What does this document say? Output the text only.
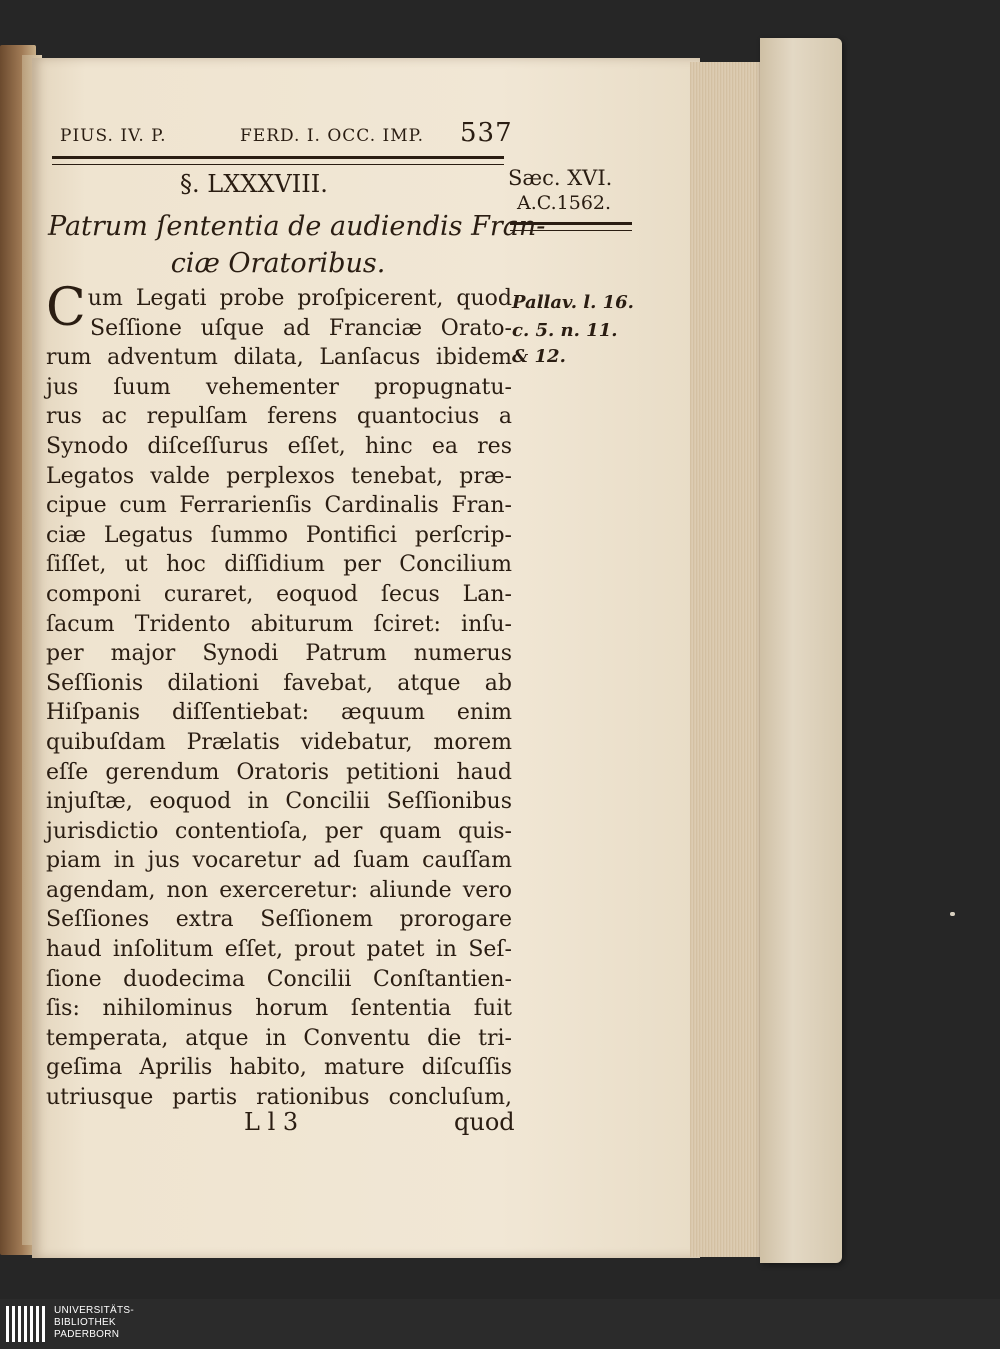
PIUS. IV. P.	FERD. I. OCC. IMP. 537
§. LXXXVIII.
Patrum ſententia de audiendis Fran-
ciæ Oratoribus.
Sæc. XVI.
A.C.1562.
Pallav. l. 16.
c. 5. n. 11.
& 12.
Cum Legati probe proſpicerent, quod
Seſſione uſque ad Franciæ Orato-
rum adventum dilata, Lanſacus ibidem
jus ſuum vehementer propugnatu-
rus ac repulſam ferens quantocius a
Synodo diſceſſurus eſſet, hinc ea res
Legatos valde perplexos tenebat, præ-
cipue cum Ferrarienſis Cardinalis Fran-
ciæ Legatus ſummo Pontifici perſcrip-
ſiſſet, ut hoc diſſidium per Concilium
componi curaret, eoquod ſecus Lan-
ſacum Tridento abiturum ſciret: inſu-
per major Synodi Patrum numerus
Seſſionis dilationi favebat, atque ab
Hiſpanis diſſentiebat: æquum enim
quibuſdam Prælatis videbatur, morem
eſſe gerendum Oratoris petitioni haud
injuſtæ, eoquod in Concilii Seſſionibus
jurisdictio contentioſa, per quam quis-
piam in jus vocaretur ad ſuam cauſſam
agendam, non exerceretur: aliunde vero
Seſſiones extra Seſſionem prorogare
haud inſolitum eſſet, prout patet in Seſ-
ſione duodecima Concilii Conſtantien-
ſis: nihilominus horum ſententia fuit
temperata, atque in Conventu die tri-
geſima Aprilis habito, mature diſcuſſis
utriusque partis rationibus concluſum,
L l 3	quod
UNIVERSITÄTS-
BIBLIOTHEK
PADERBORN
